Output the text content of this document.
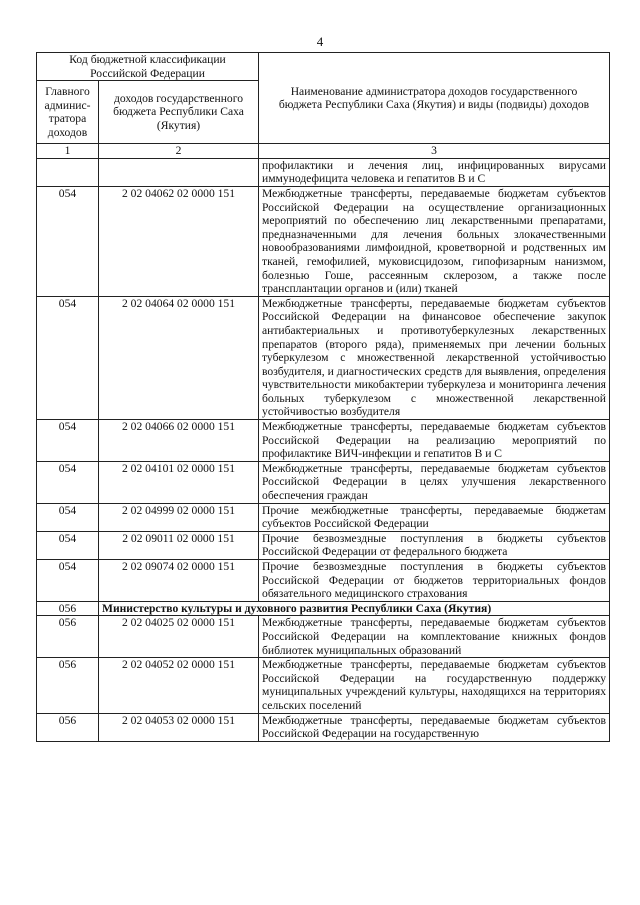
4
Код бюджетной классификации Российской Федерации		Наименование администратора доходов государственного бюджета Республики Саха (Якутия) и виды (подвиды) доходов
Главного админис-тратора доходов	доходов государственного бюджета Республики Саха (Якутия)	
1	2	3
		профилактики и лечения лиц, инфицированных вирусами иммунодефицита человека и гепатитов В и С
054	2 02 04062 02 0000 151	Межбюджетные трансферты, передаваемые бюджетам субъектов Российской Федерации на осуществление организационных мероприятий по обеспечению лиц лекарственными препаратами, предназначенными для лечения больных злокачественными новообразованиями лимфоидной, кроветворной и родственных им тканей, гемофилией, муковисцидозом, гипофизарным нанизмом, болезнью Гоше, рассеянным склерозом, а также после трансплантации органов и (или) тканей
054	2 02 04064 02 0000 151	Межбюджетные трансферты, передаваемые бюджетам субъектов Российской Федерации на финансовое обеспечение закупок антибактериальных и противотуберкулезных лекарственных препаратов (второго ряда), применяемых при лечении больных туберкулезом с множественной лекарственной устойчивостью возбудителя, и диагностических средств для выявления, определения чувствительности микобактерии туберкулеза и мониторинга лечения больных туберкулезом с множественной лекарственной устойчивостью возбудителя
054	2 02 04066 02 0000 151	Межбюджетные трансферты, передаваемые бюджетам субъектов Российской Федерации на реализацию мероприятий по профилактике ВИЧ-инфекции и гепатитов В и С
054	2 02 04101 02 0000 151	Межбюджетные трансферты, передаваемые бюджетам субъектов Российской Федерации в целях улучшения лекарственного обеспечения граждан
054	2 02 04999 02 0000 151	Прочие межбюджетные трансферты, передаваемые бюджетам субъектов Российской Федерации
054	2 02 09011 02 0000 151	Прочие безвозмездные поступления в бюджеты субъектов Российской Федерации от федерального бюджета
054	2 02 09074 02 0000 151	Прочие безвозмездные поступления в бюджеты субъектов Российской Федерации от бюджетов территориальных фондов обязательного медицинского страхования
056	Министерство культуры и духовного развития Республики Саха (Якутия)	
056	2 02 04025 02 0000 151	Межбюджетные трансферты, передаваемые бюджетам субъектов Российской Федерации на комплектование книжных фондов библиотек муниципальных образований
056	2 02 04052 02 0000 151	Межбюджетные трансферты, передаваемые бюджетам субъектов Российской Федерации на государственную поддержку муниципальных учреждений культуры, находящихся на территориях сельских поселений
056	2 02 04053 02 0000 151	Межбюджетные трансферты, передаваемые бюджетам субъектов Российской Федерации на государственную
